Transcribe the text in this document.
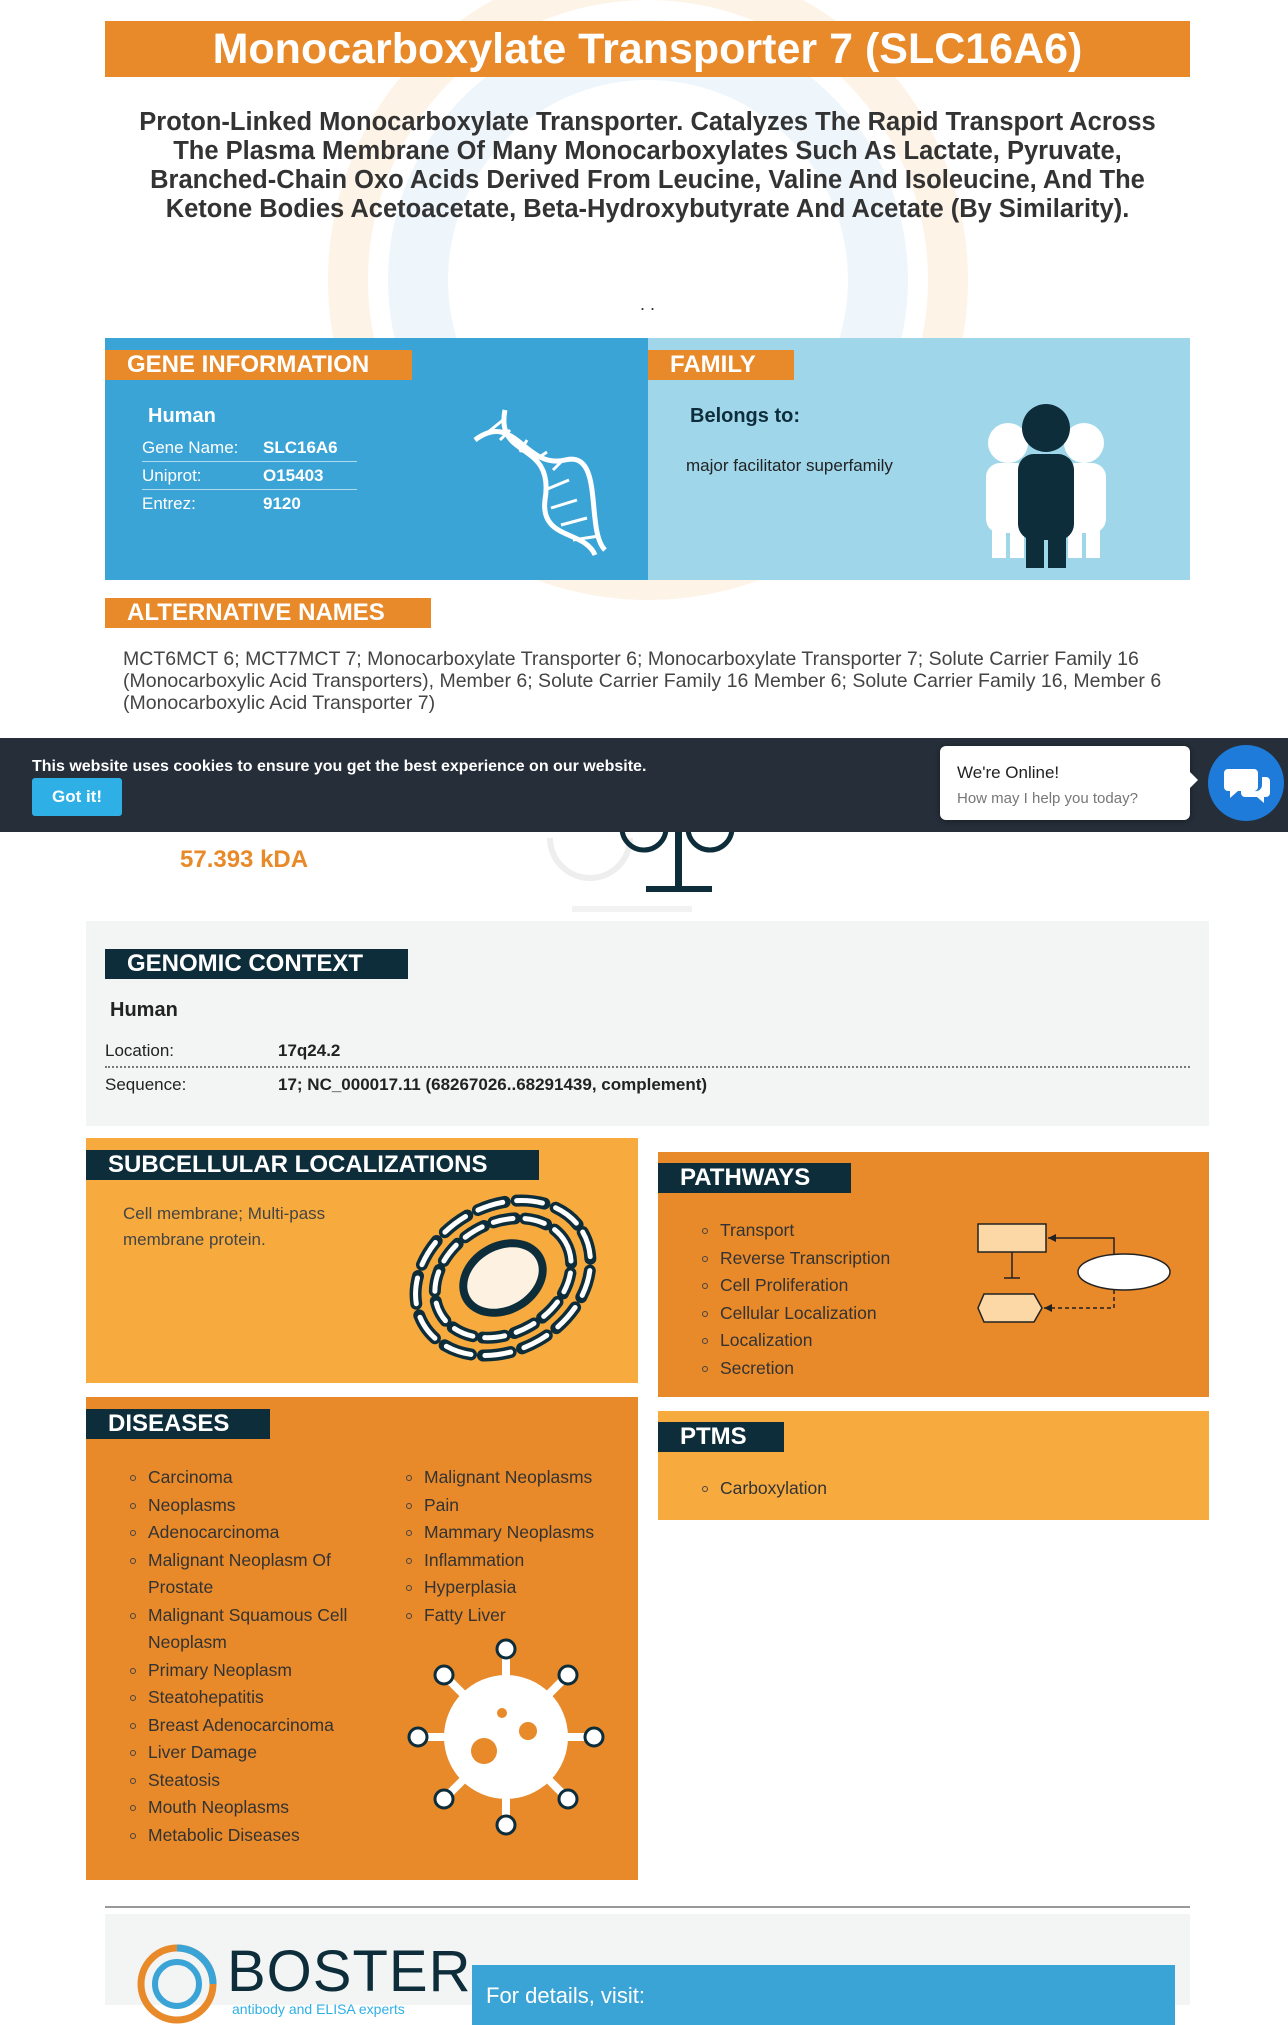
Monocarboxylate Transporter 7 (SLC16A6)
Proton-Linked Monocarboxylate Transporter. Catalyzes The Rapid Transport Across The Plasma Membrane Of Many Monocarboxylates Such As Lactate, Pyruvate, Branched-Chain Oxo Acids Derived From Leucine, Valine And Isoleucine, And The Ketone Bodies Acetoacetate, Beta-Hydroxybutyrate And Acetate (By Similarity).
. .
GENE INFORMATION
Human
Gene Name:	SLC16A6
Uniprot:	O15403
Entrez:	9120
FAMILY
Belongs to:
major facilitator superfamily
ALTERNATIVE NAMES
MCT6MCT 6; MCT7MCT 7; Monocarboxylate Transporter 6; Monocarboxylate Transporter 7; Solute Carrier Family 16 (Monocarboxylic Acid Transporters), Member 6; Solute Carrier Family 16 Member 6; Solute Carrier Family 16, Member 6 (Monocarboxylic Acid Transporter 7)
57.393 kDA
This website uses cookies to ensure you get the best experience on our website.
Got it!
We're Online!
How may I help you today?
GENOMIC CONTEXT
Human
Location:	17q24.2
Sequence:	17; NC_000017.11 (68267026..68291439, complement)
SUBCELLULAR LOCALIZATIONS
Cell membrane; Multi-pass membrane protein.
PATHWAYS
Transport
Reverse Transcription
Cell Proliferation
Cellular Localization
Localization
Secretion
DISEASES
Carcinoma
Neoplasms
Adenocarcinoma
Malignant Neoplasm Of Prostate
Malignant Squamous Cell Neoplasm
Primary Neoplasm
Steatohepatitis
Breast Adenocarcinoma
Liver Damage
Steatosis
Mouth Neoplasms
Metabolic Diseases
Malignant Neoplasms
Pain
Mammary Neoplasms
Inflammation
Hyperplasia
Fatty Liver
PTMS
Carboxylation
BOSTER
antibody and ELISA experts
For details, visit:
